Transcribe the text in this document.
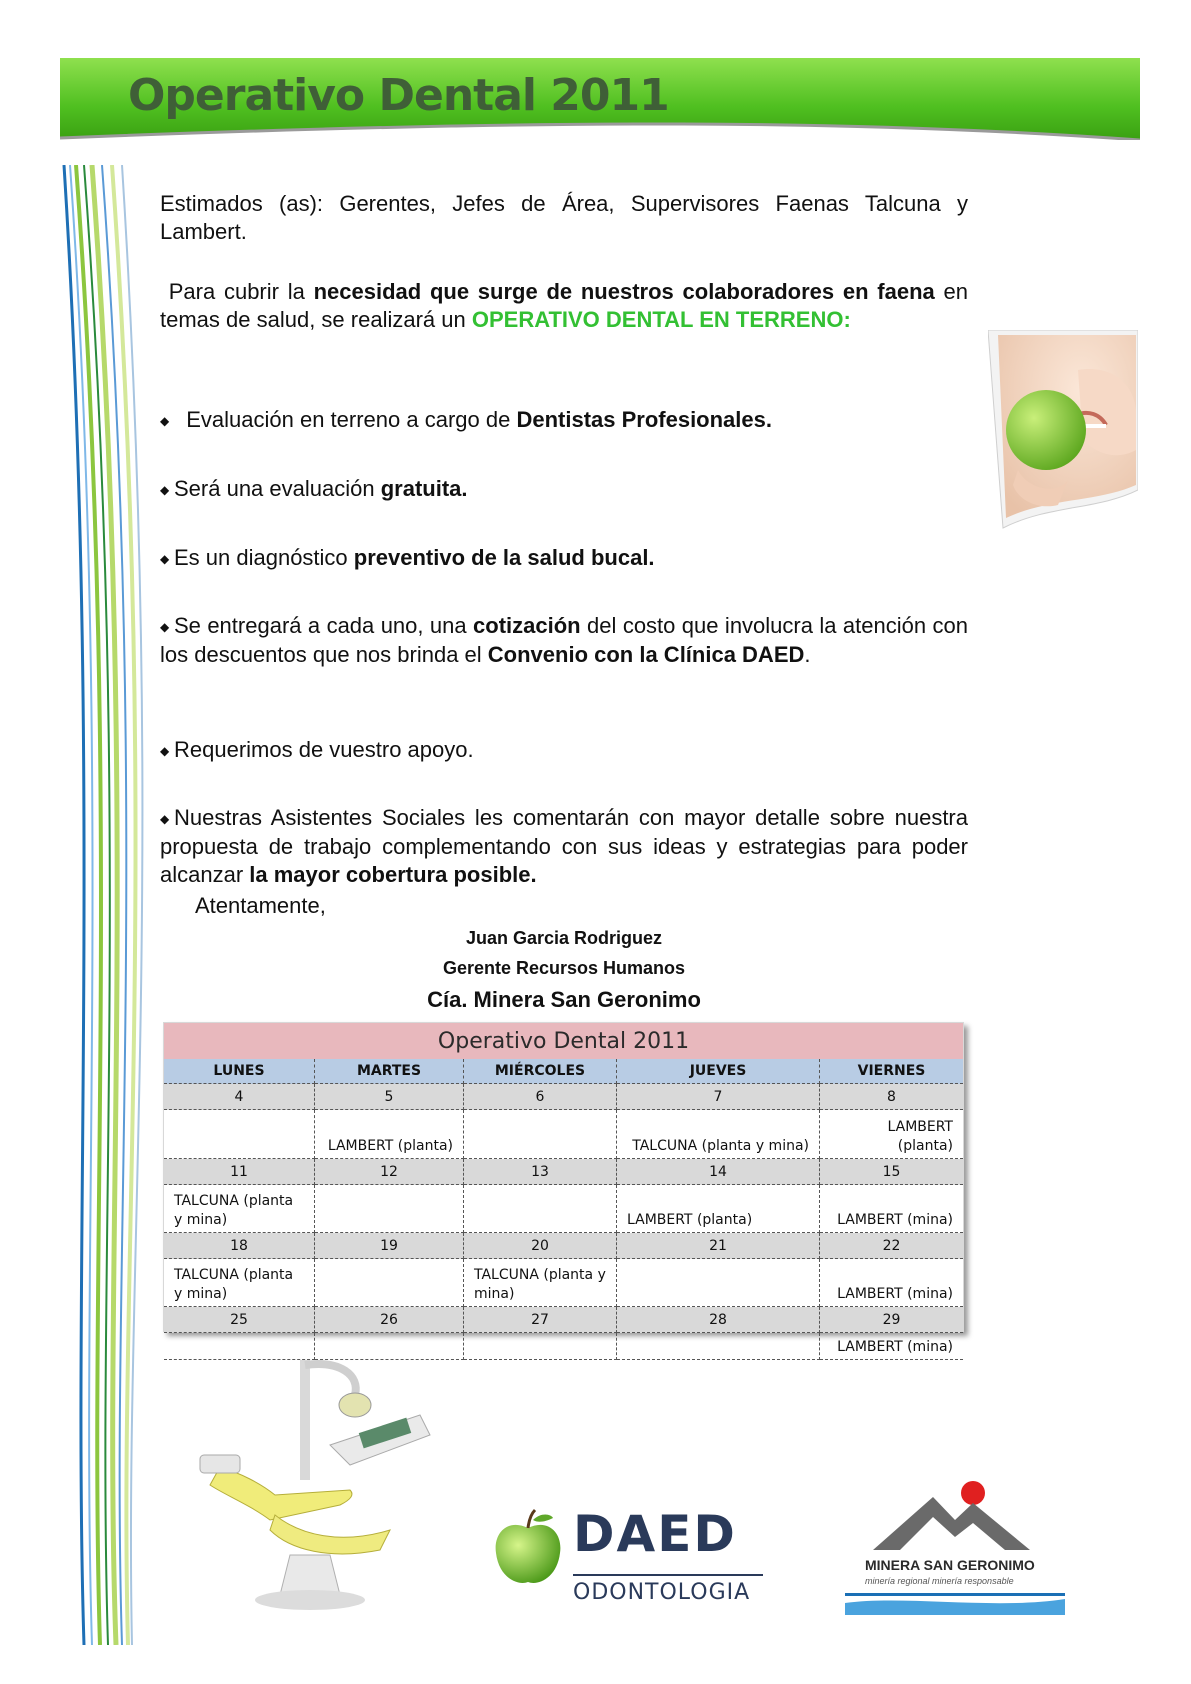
Operativo Dental 2011

Estimados (as): Gerentes, Jefes de Área, Supervisores Faenas Talcuna y Lambert.

Para cubrir la necesidad que surge de nuestros colaboradores en faena en temas de salud, se realizará un OPERATIVO DENTAL EN TERRENO:

◆ Evaluación en terreno a cargo de Dentistas Profesionales.
◆ Será una evaluación gratuita.
◆ Es un diagnóstico preventivo de la salud bucal.
◆ Se entregará a cada uno, una cotización del costo que involucra la atención con los descuentos que nos brinda el Convenio con la Clínica DAED.
◆ Requerimos de vuestro apoyo.
◆ Nuestras Asistentes Sociales les comentarán con mayor detalle sobre nuestra propuesta de trabajo complementando con sus ideas y estrategias para poder alcanzar la mayor cobertura posible.
Atentamente,
Juan Garcia Rodriguez
Gerente Recursos Humanos
Cía. Minera San Geronimo
Operativo Dental 2011				
LUNES	MARTES	MIÉRCOLES	JUEVES	VIERNES
4	5	6	7	8
	LAMBERT (planta)		TALCUNA (planta y mina)	LAMBERT (planta)
11	12	13	14	15
TALCUNA (planta y mina)			LAMBERT (planta)	LAMBERT (mina)
18	19	20	21	22
TALCUNA (planta y mina)		TALCUNA (planta y mina)		LAMBERT (mina)
25	26	27	28	29
				LAMBERT (mina)
DAED
ODONTOLOGIA
MINERA SAN GERONIMO
minería regional minería responsable
